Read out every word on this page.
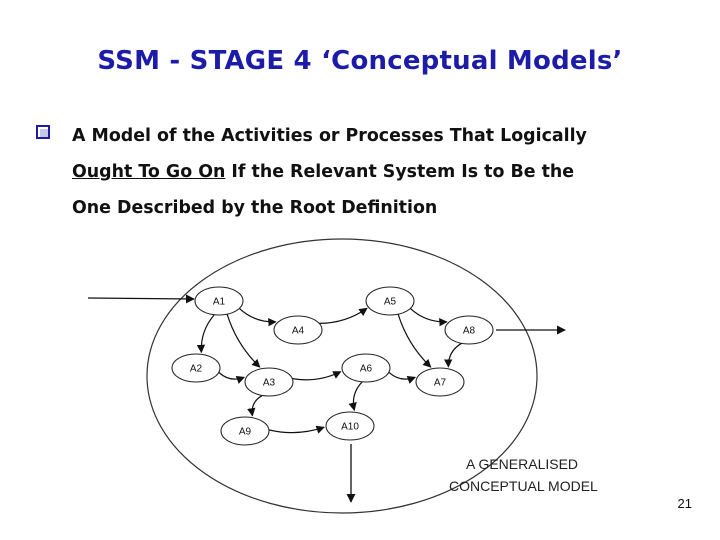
SSM - STAGE 4 ‘Conceptual Models’
A Model of the Activities or Processes That Logically
Ought To Go On If the Relevant System Is to Be the
One Described by the Root Definition
A1
A2
A3
A4
A5
A6
A7
A8
A9	A10
A GENERALISED
CONCEPTUAL MODEL
21
